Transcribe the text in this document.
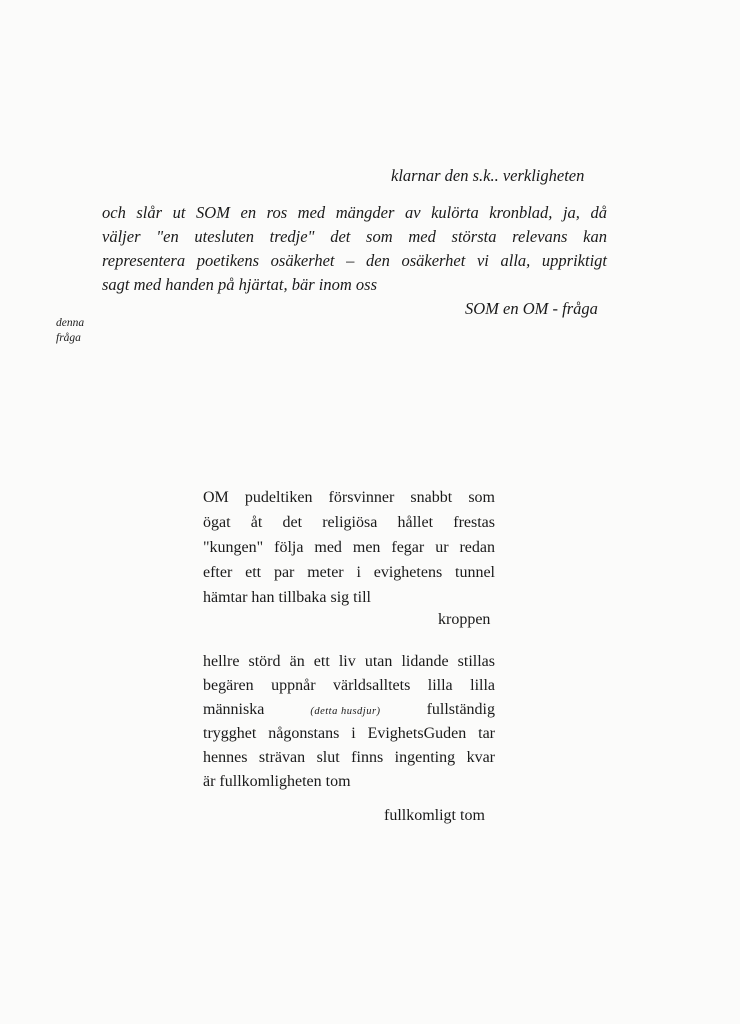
klarnar den s.k.. verkligheten
och slår ut SOM en ros med mängder av kulörta kronblad, ja, då
väljer "en utesluten tredje" det som med största relevans kan
representera poetikens osäkerhet – den osäkerhet vi alla, uppriktigt
sagt med handen på hjärtat, bär inom oss
SOM en OM - fråga
denna
fråga
OM pudeltiken försvinner snabbt som
ögat åt det religiösa hållet frestas
"kungen" följa med men fegar ur redan
efter ett par meter i evighetens tunnel
hämtar han tillbaka sig till
kroppen
hellre störd än ett liv utan lidande stillas
begären uppnår världsalltets lilla lilla
människa	(detta husdjur)	fullständig
trygghet någonstans i EvighetsGuden tar
hennes strävan slut finns ingenting kvar
är fullkomligheten tom
fullkomligt tom
